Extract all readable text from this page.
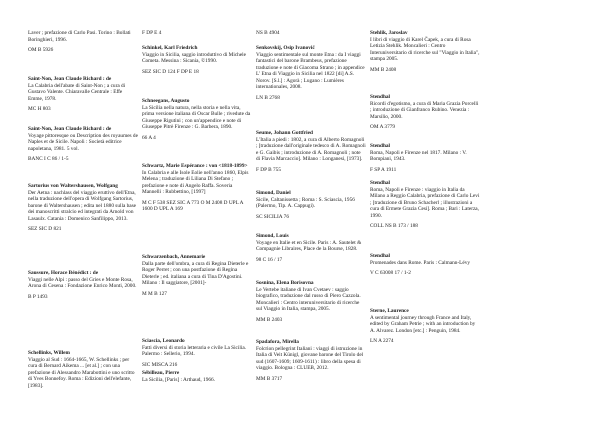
Laver ; prefazione di Carlo Pasi. Torino : Bollati Boringhieri, 1996.
OM B 5926
Saint-Non, Jean Claude Richard : de
La Calabria dell'abate di Saint-Non ; a cura di Gustavo Valente. Chiaravalle Centrale : Effe Emme, 1978.
MC H 803
Saint-Non, Jean Claude Richard : de
Voyage pittoresque ou Description des royaumes de Naples et de Sicile. Napoli : Società editrice napoletana, 1981. 5 vol.
BANC I C 86 / 1-5
Sartorius von Waltershausen, Wolfgang
Der Aetna : nachlass del viaggio eruttivo dell'Etna, nella traduzione dell'opera di Wolfgang Sartorius, barone di Waltershausen ; edita nel 1880 sulla base dei manoscritti stralcio ed integrati da Arnold von Lasaulx. Catania : Domenico Sanfilippo, 2013.
SEZ SIC D 821
Saussure, Horace Bénédict : de
Viaggi nelle Alpi : passo del Gries e Monte Rosa, Arona di Cesena : Fondazione Enrico Monti, 2000.
B P 1493
Schellinks, Willem
Viaggio al Sud : 1664-1665, W. Schellinks ; per cura di Bernard Aikema ... [et al.] ; con una prefazione di Alessandro Marabottini e uno scritto di Yves Bonnefoy. Roma : Edizioni dell'elefante, [1983].
F DP E 4
Schinkel, Karl Friedrich
Viaggio in Sicilia, saggio introduttivo di Michele Cometa. Messina : Sicania, ©1990.
SEZ SIC D 124 F DP E 18
Schneegans, Augusto
La Sicilia nella natura, nella storia e nella vita, prima versione italiana di Oscar Bulle ; rivedute da Giuseppe Rigutini ; con un'appendice e note di Giuseppe Pitrè Firenze : G. Barbera, 1890.
66 A 4
Schwartz, Marie Espérance : von <1818-1899>
In Calabria e alle Isole Eolie nell'anno 1860, Elpis Melena ; traduzione di Liliana Di Stefano ; prefazione e note di Angelo Raffa. Soveria Mannelli : Rubbettino, [1997]
M C F 538 SEZ SIC A 773 O M 2408 D UPL A 1600 D UPL A 169
Schwarzenbach, Annemarie
Dalla parte dell'ombra, a cura di Regina Dieterle e Roger Perret ; con una postfazione di Regina Dieterle ; ed. italiana a cura di Tina D'Agostini. Milano : Il saggiatore, [2001]-
M M B 127
Sciascia, Leonardo
Fatti diversi di storia letteraria e civile La Sicilia. Palermo : Sellerio, 1994.
SIC MISCA 216
Sébilleau, Pierre
La Sicilia, [Paris] : Arthaud, 1966.
NS B 4904
Senkovskij, Osip Ivanovič
Viaggio sentimentale sul monte Etna : da I viaggi fantastici del barone Brambeus, prefazione traduzione e note di Giacoma Strano ; in appendice L' Etna di Viaggio in Sicilia nel 1822 [di] A.S. Norov. [S.l.] : Agorà ; Lugano : Lumières internationales, 2008.
LN B 2768
Seume, Johann Gottfried
L'Italia a piedi : 1802, a cura di Alberto Romagnoli ; [traduzione dall'originale tedesco di A. Romagnoli e G. Gaibis ; introduzione di A. Romagnoli ; note di Flavia Marcaccio]. Milano : Longanesi, [1973].
F DP B 755
Simond, Daniel
Sicile, Caltanissetta ; Roma : S. Sciascia, 1956 (Palermo, Tip. A. Cappugi).
SC SICILIA 76
Simond, Louis
Voyage en Italie et en Sicile. Paris : A. Sautelet & Compagnie Libraires, Place de la Bourse, 1828.
98 C 16 / 17
Sosnina, Elena Borisovna
Le Vertebe italiane di Ivan Cvetaev : saggio biografico, traduzione dal russo di Piero Cazzola. Moncalieri : Centro interuniversitario di ricerche sul Viaggio in Italia, stampa, 2005.
MM B 2403
Spadafora, Mirella
Folcrion pellegrint Italiani : viaggi di istruzione in Italia di Veit Künigl, giovane barone del Tirolo del sud (1607-1609; 1609-1611) : libro della spesa di viaggio. Bologna : CLUEB, 2012.
MM B 3717
Stehlik, Jaroslav
I libri di viaggio di Karel Čapek, a cura di Rosa Letizia Stehlik. Moncalieri : Centro Interuniversitario di ricerche sul "Viaggio in Italia", stampa 2005.
MM B 2408
Stendhal
Ricordi d'egotismo, a cura di Maria Grazia Porcelli ; introduzione di Gianfranco Rubino. Venezia : Marsilio, 2000.
OM A 3779
Stendhal
Roma, Napoli e Firenze nel 1817. Milano : V. Bompiani, 1943.
F SP A 1911
Stendhal
Roma, Napoli e Firenze : viaggio in Italia da Milano a Reggio Calabria, prefazione di Carlo Levi ; [traduzione di Bruno Schacherl ; illustrazioni a cura di Ermete Grazia Cesi]. Roma ; Bari : Laterza, 1990.
COLL NS B 173 / 188
Stendhal
Promenades dans Rome. Paris : Calmann-Lévy
V C 63008 17 / 1-2
Sterne, Laurence
A sentimental journey through France and Italy, edited by Graham Petrie ; with an introduction by A. Alvarez. London [etc.] : Penguin, 1984.
LN A 2274
